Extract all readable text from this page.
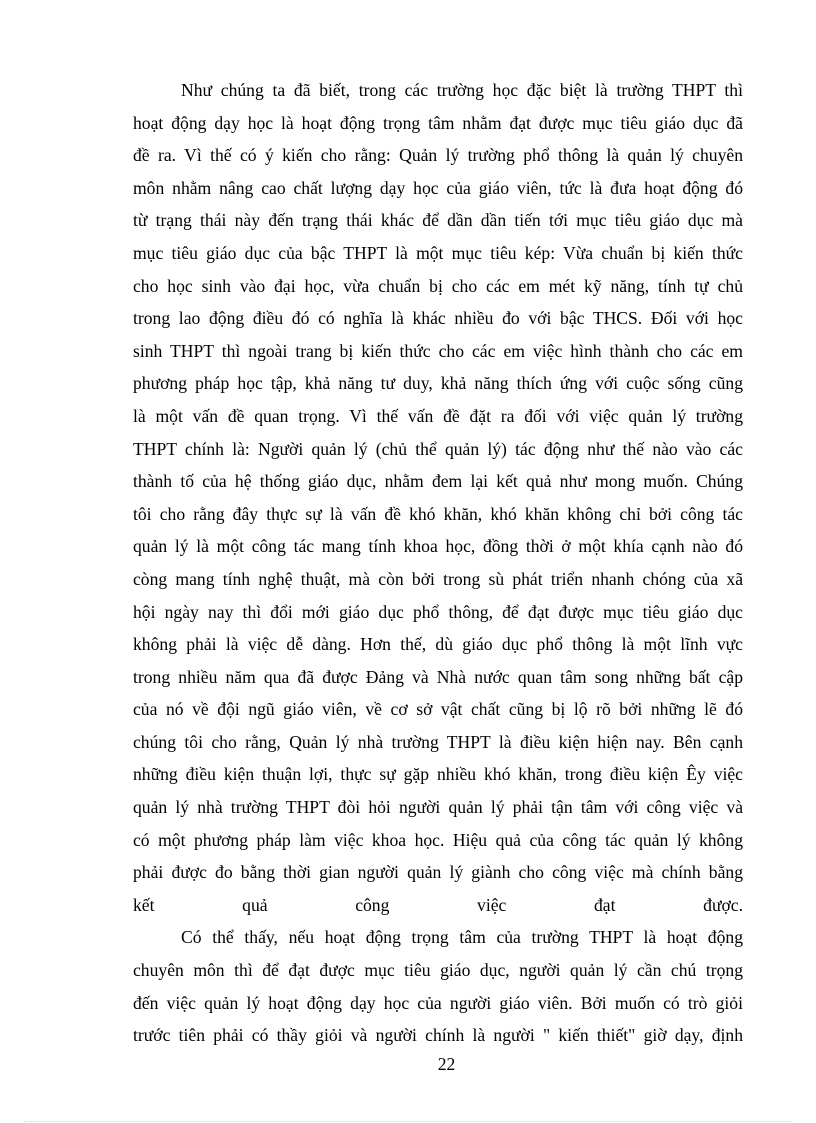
Như chúng ta đã biết, trong các trường học đặc biệt là trường THPT thì
hoạt động dạy học là hoạt động trọng tâm nhằm đạt được mục tiêu giáo dục đã
đề ra. Vì thế có ý kiến cho rằng: Quản lý trường phổ thông là quản lý chuyên
môn nhằm nâng cao chất lượng dạy học của giáo viên, tức là đưa hoạt động đó
từ trạng thái này đến trạng thái khác để dần dần tiến tới mục tiêu giáo dục mà
mục tiêu giáo dục của bậc THPT là một mục tiêu kép: Vừa chuẩn bị kiến thức
cho học sinh vào đại học, vừa chuẩn bị cho các em mét kỹ năng, tính tự chủ
trong lao động điều đó có nghĩa là khác nhiều đo với bậc THCS. Đối với học
sinh THPT thì ngoài trang bị kiến thức cho các em việc hình thành cho các em
phương pháp học tập, khả năng tư duy, khả năng thích ứng với cuộc sống cũng
là một vấn đề quan trọng. Vì thế vấn đề đặt ra đối với việc quản lý trường
THPT chính là: Người quản lý (chủ thể quản lý) tác động như thế nào vào các
thành tố của hệ thống giáo dục, nhằm đem lại kết quả như mong muốn. Chúng
tôi cho rằng đây thực sự là vấn đề khó khăn, khó khăn không chỉ bởi công tác
quản lý là một công tác mang tính khoa học, đồng thời ở một khía cạnh nào đó
còng mang tính nghệ thuật, mà còn bởi trong sù phát triển nhanh chóng của xã
hội ngày nay thì đổi mới giáo dục phổ thông, để đạt được mục tiêu giáo dục
không phải là việc dễ dàng. Hơn thế, dù giáo dục phổ thông là một lĩnh vực
trong nhiều năm qua đã được Đảng và Nhà nước quan tâm song những bất cập
của nó về đội ngũ giáo viên, về cơ sở vật chất cũng bị lộ rõ bởi những lẽ đó
chúng tôi cho rằng, Quản lý nhà trường THPT là điều kiện hiện nay. Bên cạnh
những điều kiện thuận lợi, thực sự gặp nhiều khó khăn, trong điều kiện Êy việc
quản lý nhà trường THPT đòi hỏi người quản lý phải tận tâm với công việc và
có một phương pháp làm việc khoa học. Hiệu quả của công tác quản lý không
phải được đo bằng thời gian người quản lý giành cho công việc mà chính bằng
kết quả công việc đạt được.
Có thể thấy, nếu hoạt động trọng tâm của trường THPT là hoạt động
chuyên môn thì để đạt được mục tiêu giáo dục, người quản lý cần chú trọng
đến việc quản lý hoạt động dạy học của người giáo viên. Bởi muốn có trò giỏi
trước tiên phải có thầy giỏi và người chính là người " kiến thiết" giờ dạy, định
22
